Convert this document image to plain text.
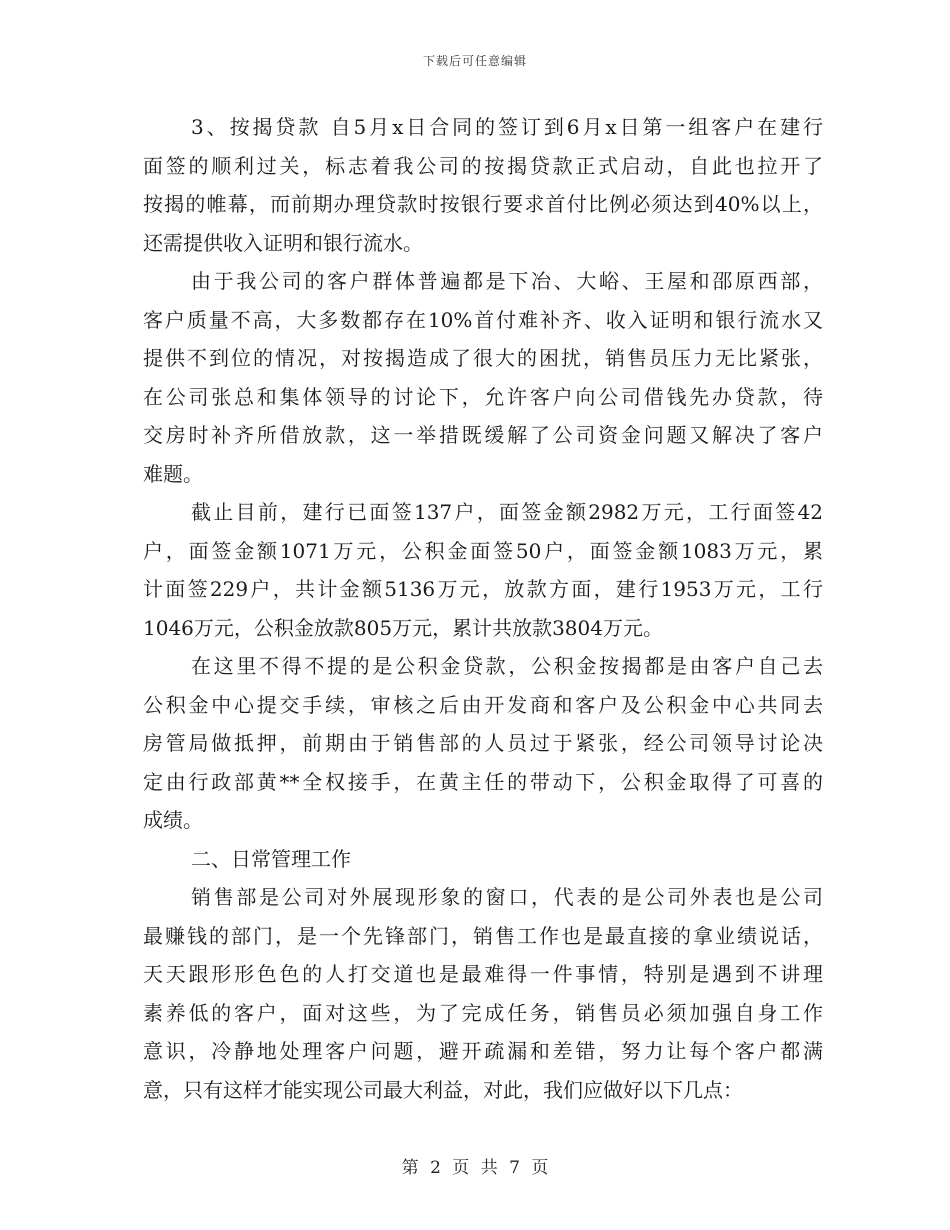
下载后可任意编辑
3、按揭贷款 自5月x日合同的签订到6月x日第一组客户在建行
面签的顺利过关，标志着我公司的按揭贷款正式启动，自此也拉开了
按揭的帷幕，而前期办理贷款时按银行要求首付比例必须达到40%以上，
还需提供收入证明和银行流水。
由于我公司的客户群体普遍都是下冶、大峪、王屋和邵原西部，
客户质量不高，大多数都存在10%首付难补齐、收入证明和银行流水又
提供不到位的情况，对按揭造成了很大的困扰，销售员压力无比紧张，
在公司张总和集体领导的讨论下，允许客户向公司借钱先办贷款，待
交房时补齐所借放款，这一举措既缓解了公司资金问题又解决了客户
难题。
截止目前，建行已面签137户，面签金额2982万元，工行面签42
户，面签金额1071万元，公积金面签50户，面签金额1083万元，累
计面签229户，共计金额5136万元，放款方面，建行1953万元，工行
1046万元，公积金放款805万元，累计共放款3804万元。
在这里不得不提的是公积金贷款，公积金按揭都是由客户自己去
公积金中心提交手续，审核之后由开发商和客户及公积金中心共同去
房管局做抵押，前期由于销售部的人员过于紧张，经公司领导讨论决
定由行政部黄**全权接手，在黄主任的带动下，公积金取得了可喜的
成绩。
二、日常管理工作
销售部是公司对外展现形象的窗口，代表的是公司外表也是公司
最赚钱的部门，是一个先锋部门，销售工作也是最直接的拿业绩说话，
天天跟形形色色的人打交道也是最难得一件事情，特别是遇到不讲理
素养低的客户，面对这些，为了完成任务，销售员必须加强自身工作
意识，冷静地处理客户问题，避开疏漏和差错，努力让每个客户都满
意，只有这样才能实现公司最大利益，对此，我们应做好以下几点：
第 2 页 共 7 页
